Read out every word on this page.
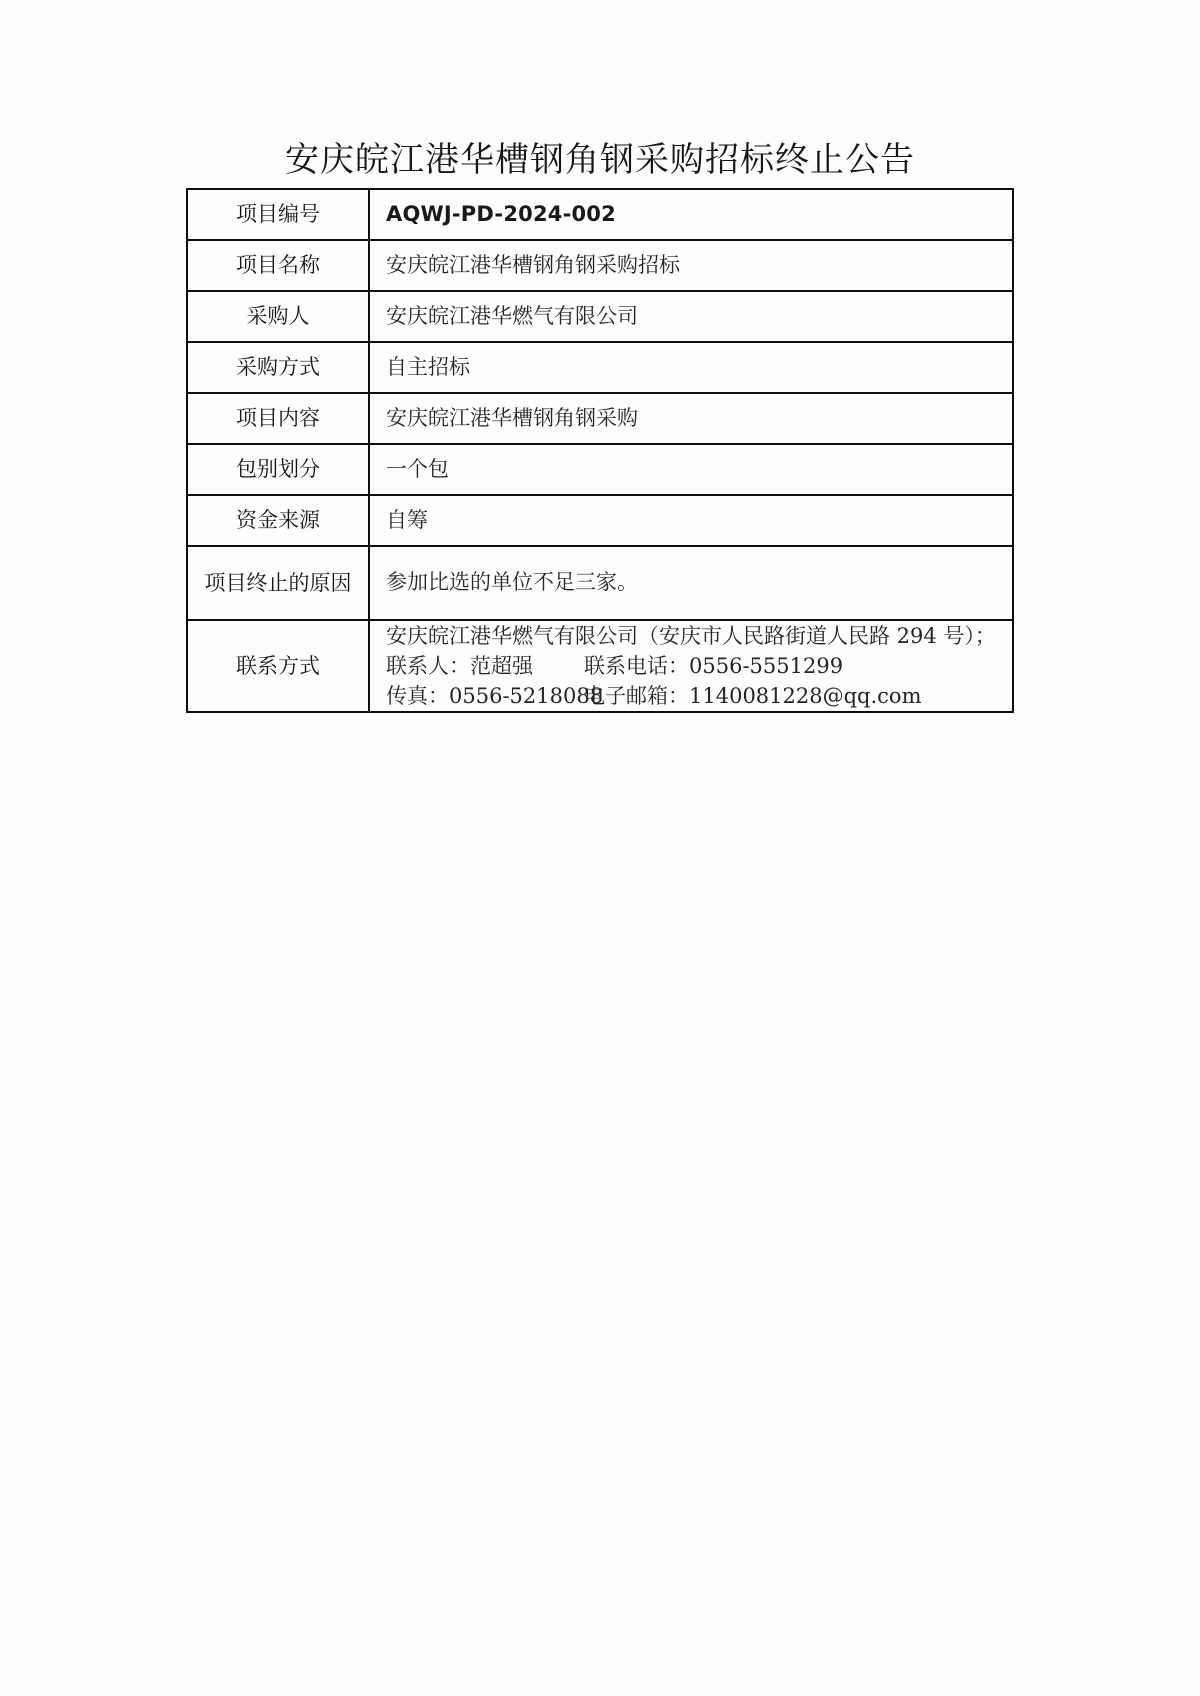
安庆皖江港华槽钢角钢采购招标终止公告
项目编号	AQWJ-PD-2024-002
项目名称	安庆皖江港华槽钢角钢采购招标
采购人	安庆皖江港华燃气有限公司
采购方式	自主招标
项目内容	安庆皖江港华槽钢角钢采购
包别划分	一个包
资金来源	自筹
项目终止的原因	参加比选的单位不足三家。
联系方式	安庆皖江港华燃气有限公司（安庆市人民路街道人民路 294 号）；
联系人：范超强 联系电话：0556-5551299
传真：0556-5218088电子邮箱：1140081228@qq.com
